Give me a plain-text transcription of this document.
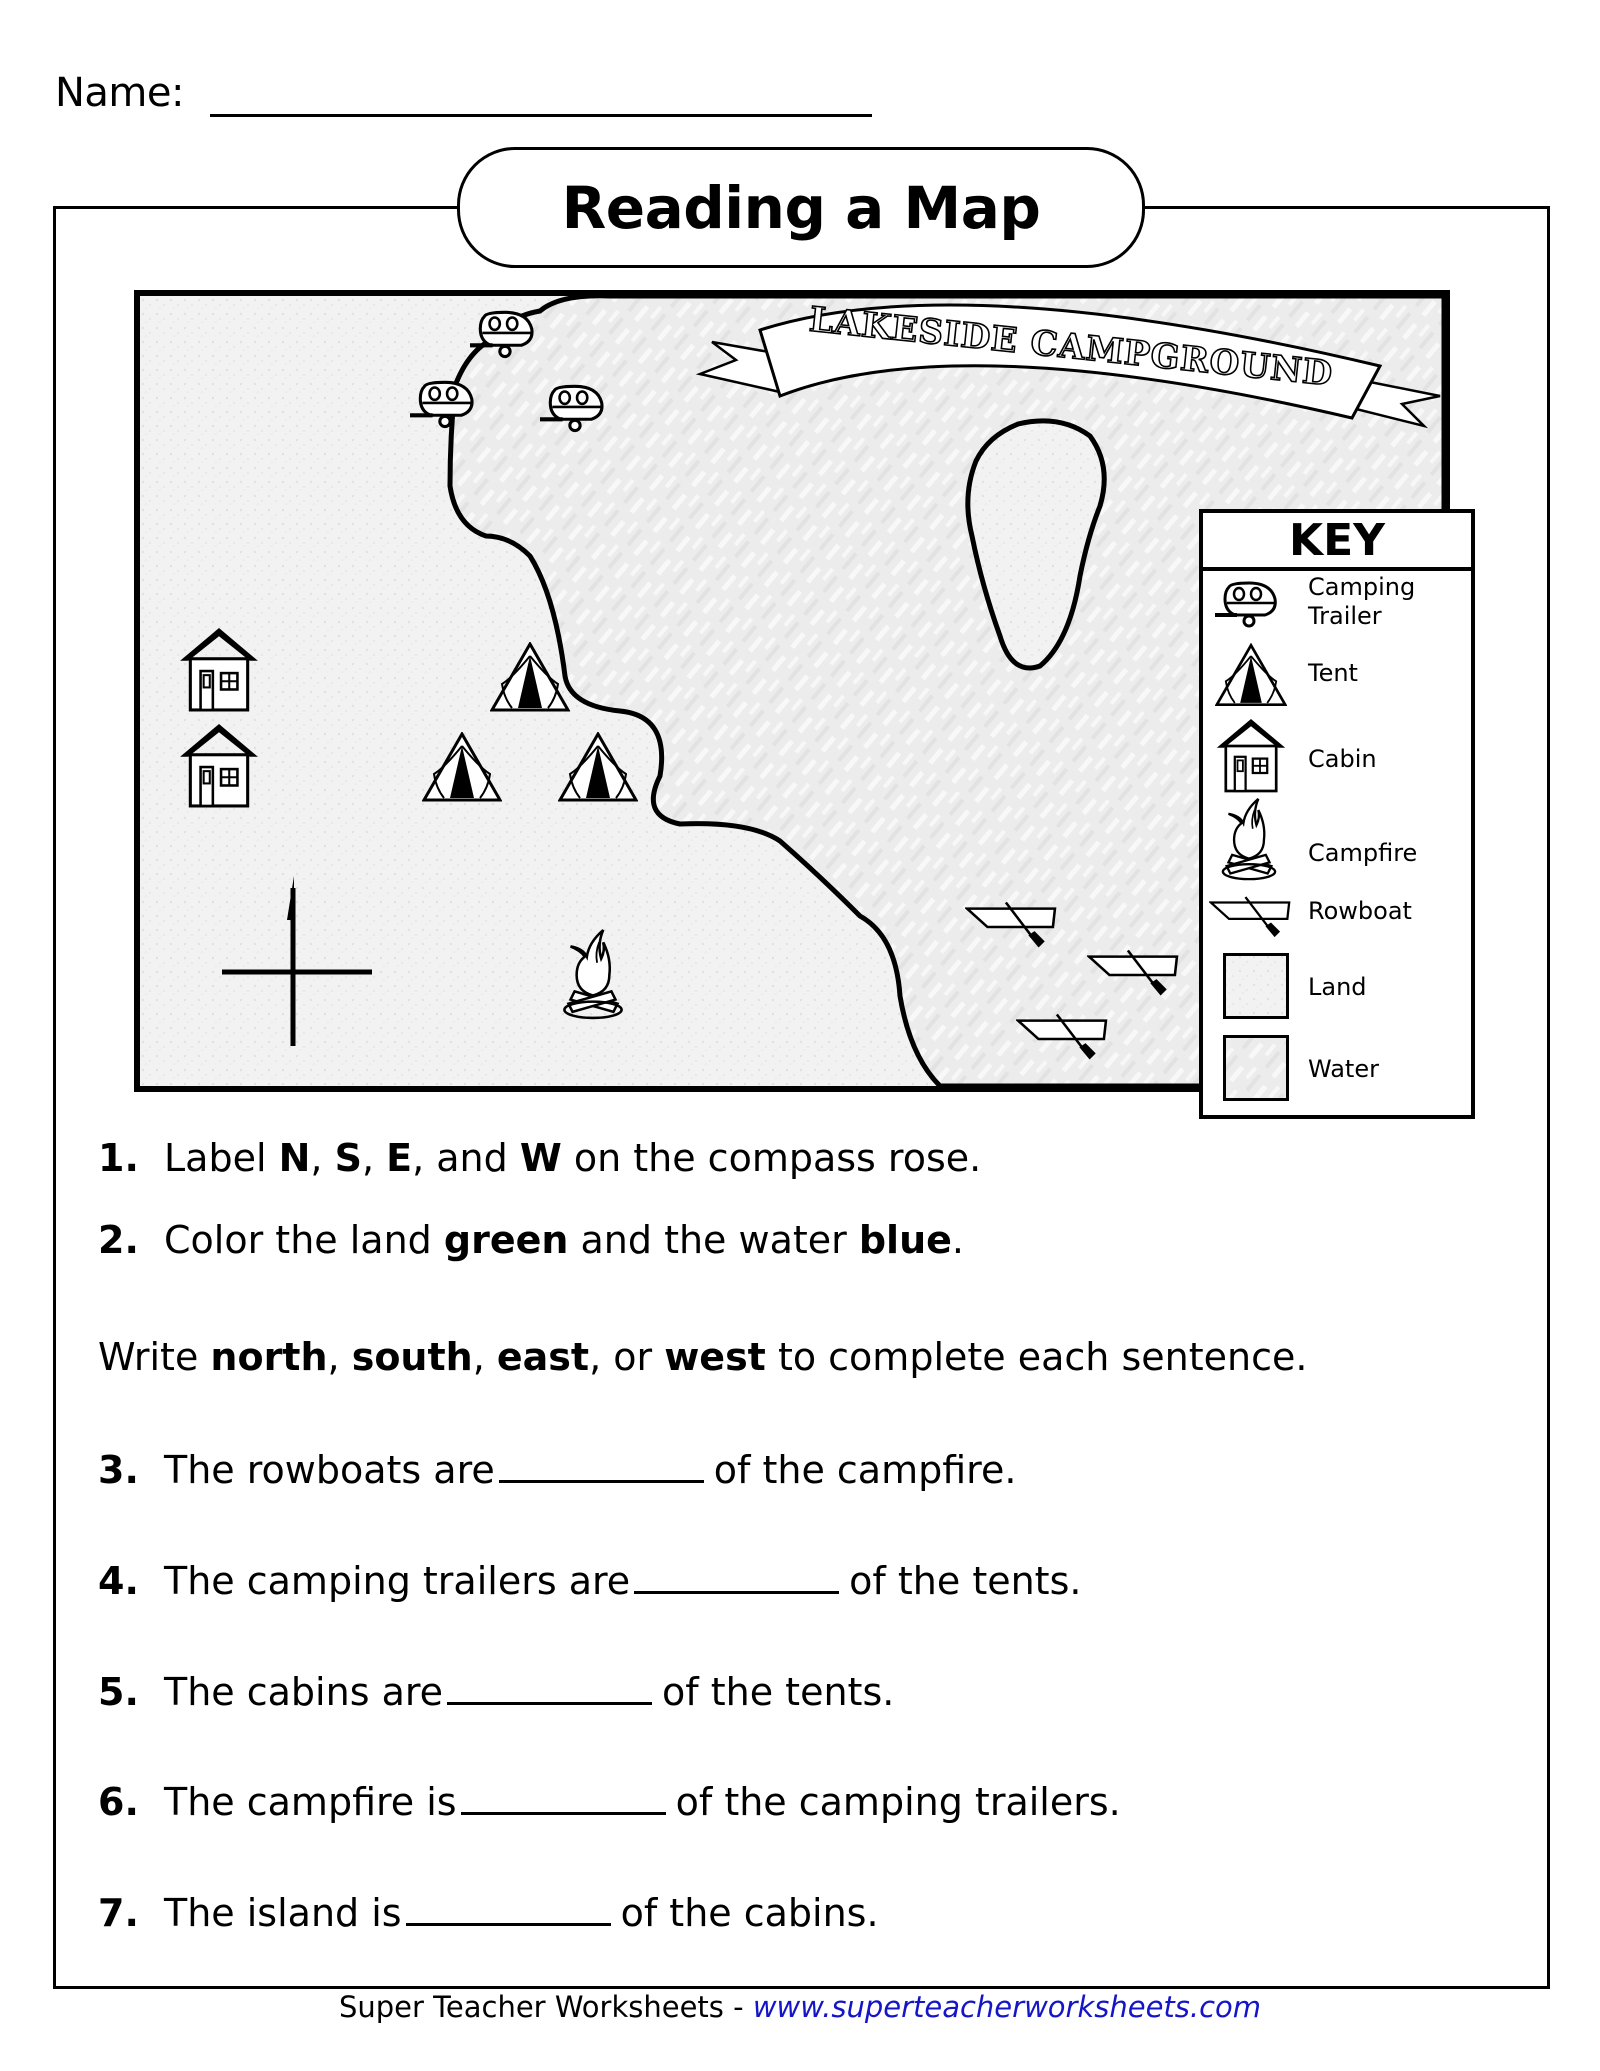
Name:
Reading a Map
LAKESIDE CAMPGROUND
KEY
Camping
Trailer
Tent
Cabin
Campfire
Rowboat
Land
Water
1. Label N, S, E, and W on the compass rose.
2. Color the land green and the water blue.
Write north, south, east, or west to complete each sentence.
3. The rowboats are	of the campfire.
4. The camping trailers are	of the tents.
5. The cabins are	of the tents.
6. The campfire is	of the camping trailers.
7. The island is	of the cabins.
Super Teacher Worksheets - www.superteacherworksheets.com
